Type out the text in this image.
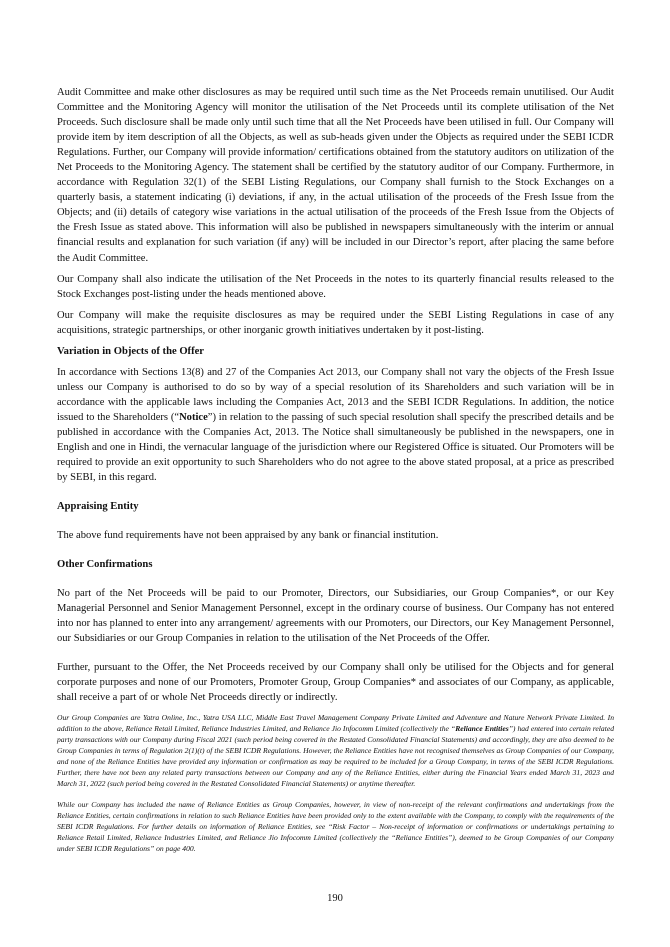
Audit Committee and make other disclosures as may be required until such time as the Net Proceeds remain unutilised. Our Audit Committee and the Monitoring Agency will monitor the utilisation of the Net Proceeds until its complete utilisation of the Net Proceeds. Such disclosure shall be made only until such time that all the Net Proceeds have been utilised in full. Our Company will provide item by item description of all the Objects, as well as sub-heads given under the Objects as required under the SEBI ICDR Regulations. Further, our Company will provide information/ certifications obtained from the statutory auditors on utilization of the Net Proceeds to the Monitoring Agency. The statement shall be certified by the statutory auditor of our Company. Furthermore, in accordance with Regulation 32(1) of the SEBI Listing Regulations, our Company shall furnish to the Stock Exchanges on a quarterly basis, a statement indicating (i) deviations, if any, in the actual utilisation of the proceeds of the Fresh Issue from the Objects; and (ii) details of category wise variations in the actual utilisation of the proceeds of the Fresh Issue from the Objects of the Fresh Issue as stated above. This information will also be published in newspapers simultaneously with the interim or annual financial results and explanation for such variation (if any) will be included in our Director’s report, after placing the same before the Audit Committee.

Our Company shall also indicate the utilisation of the Net Proceeds in the notes to its quarterly financial results released to the Stock Exchanges post-listing under the heads mentioned above.

Our Company will make the requisite disclosures as may be required under the SEBI Listing Regulations in case of any acquisitions, strategic partnerships, or other inorganic growth initiatives undertaken by it post-listing.

Variation in Objects of the Offer

In accordance with Sections 13(8) and 27 of the Companies Act 2013, our Company shall not vary the objects of the Fresh Issue unless our Company is authorised to do so by way of a special resolution of its Shareholders and such variation will be in accordance with the applicable laws including the Companies Act, 2013 and the SEBI ICDR Regulations. In addition, the notice issued to the Shareholders (“Notice”) in relation to the passing of such special resolution shall specify the prescribed details and be published in accordance with the Companies Act, 2013. The Notice shall simultaneously be published in the newspapers, one in English and one in Hindi, the vernacular language of the jurisdiction where our Registered Office is situated. Our Promoters will be required to provide an exit opportunity to such Shareholders who do not agree to the above stated proposal, at a price as prescribed by SEBI, in this regard.

Appraising Entity

The above fund requirements have not been appraised by any bank or financial institution.

Other Confirmations

No part of the Net Proceeds will be paid to our Promoter, Directors, our Subsidiaries, our Group Companies*, or our Key Managerial Personnel and Senior Management Personnel, except in the ordinary course of business. Our Company has not entered into nor has planned to enter into any arrangement/ agreements with our Promoters, our Directors, our Key Management Personnel, our Subsidiaries or our Group Companies in relation to the utilisation of the Net Proceeds of the Offer.

Further, pursuant to the Offer, the Net Proceeds received by our Company shall only be utilised for the Objects and for general corporate purposes and none of our Promoters, Promoter Group, Group Companies* and associates of our Company, as applicable, shall receive a part of or whole Net Proceeds directly or indirectly.

Our Group Companies are Yatra Online, Inc., Yatra USA LLC, Middle East Travel Management Company Private Limited and Adventure and Nature Network Private Limited. In addition to the above, Reliance Retail Limited, Reliance Industries Limited, and Reliance Jio Infocomm Limited (collectively the “Reliance Entities”) had entered into certain related party transactions with our Company during Fiscal 2021 (such period being covered in the Restated Consolidated Financial Statements) and accordingly, they are also deemed to be Group Companies in terms of Regulation 2(1)(t) of the SEBI ICDR Regulations. However, the Reliance Entities have not recognised themselves as Group Companies of our Company, and none of the Reliance Entities have provided any information or confirmation as may be required to be included for a Group Company, in terms of the SEBI ICDR Regulations. Further, there have not been any related party transactions between our Company and any of the Reliance Entities, either during the Financial Years ended March 31, 2023 and March 31, 2022 (such period being covered in the Restated Consolidated Financial Statements) or anytime thereafter.

While our Company has included the name of Reliance Entities as Group Companies, however, in view of non-receipt of the relevant confirmations and undertakings from the Reliance Entities, certain confirmations in relation to such Reliance Entities have been provided only to the extent available with the Company, to comply with the requirements of the SEBI ICDR Regulations. For further details on information of Reliance Entities, see “Risk Factor – Non-receipt of information or confirmations or undertakings pertaining to Reliance Retail Limited, Reliance Industries Limited, and Reliance Jio Infocomm Limited (collectively the “Reliance Entities”), deemed to be Group Companies of our Company under SEBI ICDR Regulations” on page 400.

190
